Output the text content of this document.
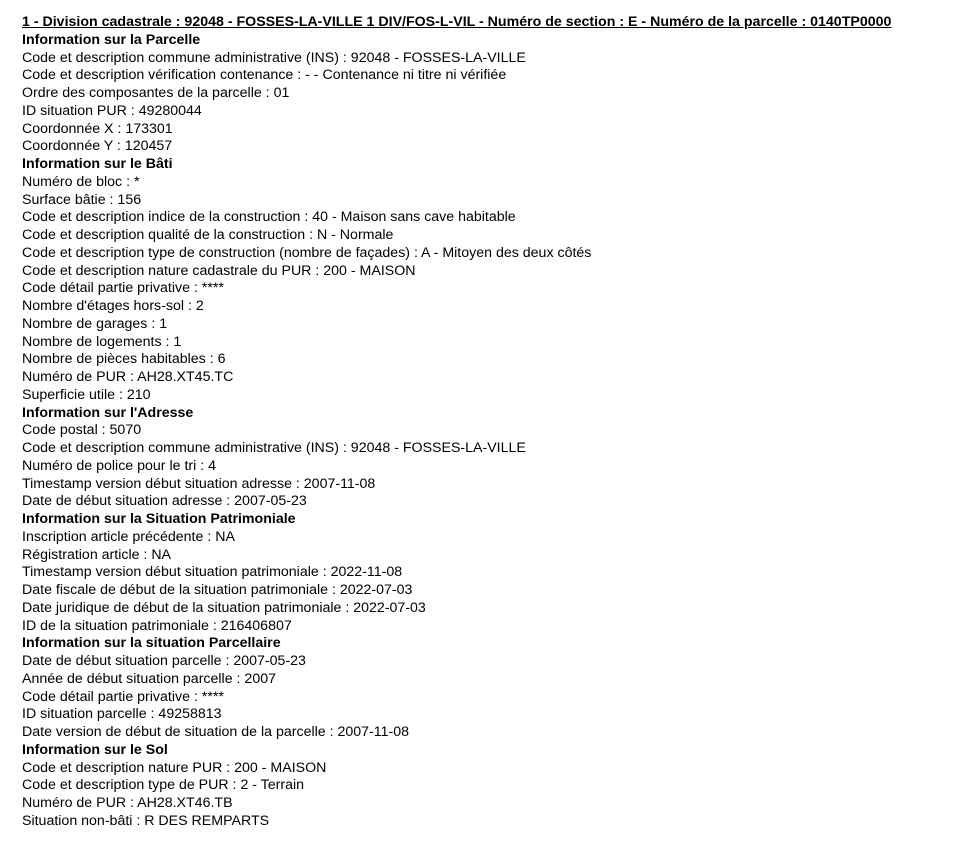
1 - Division cadastrale : 92048 - FOSSES-LA-VILLE 1 DIV/FOS-L-VIL - Numéro de section : E - Numéro de la parcelle : 0140TP0000
Information sur la Parcelle
Code et description commune administrative (INS) : 92048 - FOSSES-LA-VILLE
Code et description vérification contenance : - - Contenance ni titre ni vérifiée
Ordre des composantes de la parcelle : 01
ID situation PUR : 49280044
Coordonnée X : 173301
Coordonnée Y : 120457
Information sur le Bâti
Numéro de bloc : *
Surface bâtie : 156
Code et description indice de la construction : 40 - Maison sans cave habitable
Code et description qualité de la construction : N - Normale
Code et description type de construction (nombre de façades) : A - Mitoyen des deux côtés
Code et description nature cadastrale du PUR : 200 - MAISON
Code détail partie privative : ****
Nombre d'étages hors-sol : 2
Nombre de garages : 1
Nombre de logements : 1
Nombre de pièces habitables : 6
Numéro de PUR : AH28.XT45.TC
Superficie utile : 210
Information sur l'Adresse
Code postal : 5070
Code et description commune administrative (INS) : 92048 - FOSSES-LA-VILLE
Numéro de police pour le tri : 4
Timestamp version début situation adresse : 2007-11-08
Date de début situation adresse : 2007-05-23
Information sur la Situation Patrimoniale
Inscription article précédente : NA
Régistration article : NA
Timestamp version début situation patrimoniale : 2022-11-08
Date fiscale de début de la situation patrimoniale : 2022-07-03
Date juridique de début de la situation patrimoniale : 2022-07-03
ID de la situation patrimoniale : 216406807
Information sur la situation Parcellaire
Date de début situation parcelle : 2007-05-23
Année de début situation parcelle : 2007
Code détail partie privative : ****
ID situation parcelle : 49258813
Date version de début de situation de la parcelle : 2007-11-08
Information sur le Sol
Code et description nature PUR : 200 - MAISON
Code et description type de PUR : 2 - Terrain
Numéro de PUR : AH28.XT46.TB
Situation non-bâti : R DES REMPARTS
